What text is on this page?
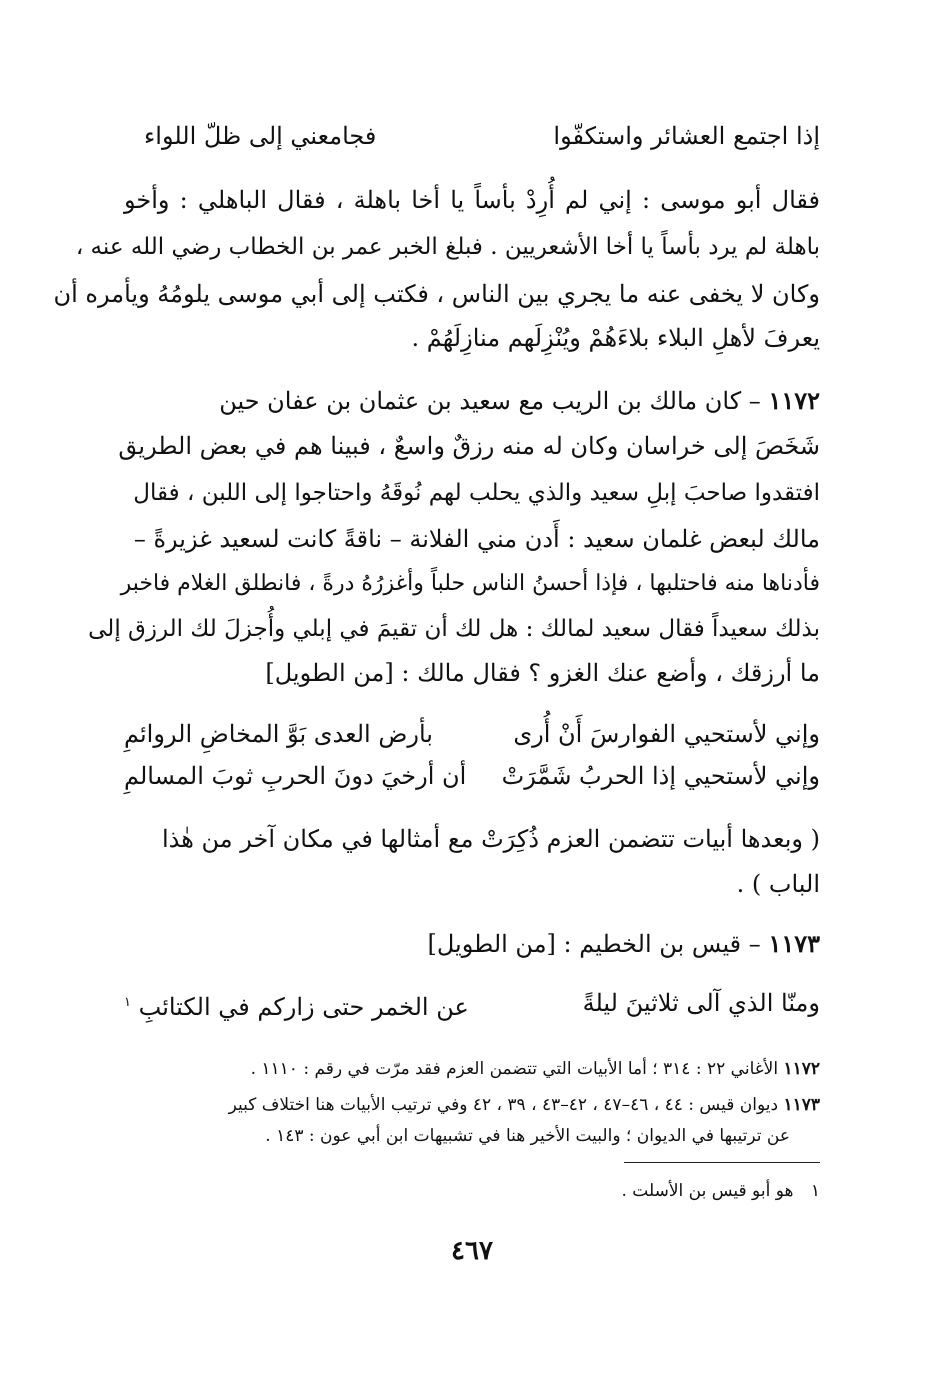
إذا اجتمع العشائر واستكفّوا
فجامعني إلى ظلّ اللواء
فقال أبو موسى : إني لم أُرِدْ بأساً يا أخا باهلة ، فقال الباهلي : وأخو
باهلة لم يرد بأساً يا أخا الأشعريين . فبلغ الخبر عمر بن الخطاب رضي الله عنه ،
وكان لا يخفى عنه ما يجري بين الناس ، فكتب إلى أبي موسى يلومُهُ ويأمره أن
يعرفَ لأهلِ البلاء بلاءَهُمْ ويُنْزِلَهم منازِلَهُمْ .
١١٧٢ – كان مالك بن الريب مع سعيد بن عثمان بن عفان حين
شَخَصَ إلى خراسان وكان له منه رزقٌ واسعٌ ، فبينا هم في بعض الطريق
افتقدوا صاحبَ إبلِ سعيد والذي يحلب لهم نُوقَهُ واحتاجوا إلى اللبن ، فقال
مالك لبعض غلمان سعيد : أَدن مني الفلانة – ناقةً كانت لسعيد غزيرةً –
فأدناها منه فاحتلبها ، فإذا أحسنُ الناس حلباً وأغزرُهُ درةً ، فانطلق الغلام فاخبر
بذلك سعيداً فقال سعيد لمالك : هل لك أن تقيمَ في إبلي وأُجزلَ لك الرزق إلى
ما أرزقك ، وأضع عنك الغزو ؟ فقال مالك : [من الطويل]
وإني لأستحيي الفوارسَ أَنْ أُرى
بأرض العدى بَوَّ المخاضِ الروائمِ
وإني لأستحيي إذا الحربُ شَمَّرَتْ
أن أرخيَ دونَ الحربِ ثوبَ المسالمِ
( وبعدها أبيات تتضمن العزم ذُكِرَتْ مع أمثالها في مكان آخر من هٰذا
الباب ) .
١١٧٣ – قيس بن الخطيم : [من الطويل]
ومنّا الذي آلى ثلاثينَ ليلةً
عن الخمر حتى زاركم في الكتائبِ $^١$
١١٧٢ الأغاني ٢٢ : ٣١٤ ؛ أما الأبيات التي تتضمن العزم فقد مرّت في رقم : ١١١٠ .
١١٧٣ ديوان قيس : ٤٤ ، ٤٦–٤٧ ، ٤٢–٤٣ ، ٣٩ ، ٤٢ وفي ترتيب الأبيات هنا اختلاف كبير
عن ترتيبها في الديوان ؛ والبيت الأخير هنا في تشبيهات ابن أبي عون : ١٤٣ .
١ هو أبو قيس بن الأسلت .
٤٦٧
